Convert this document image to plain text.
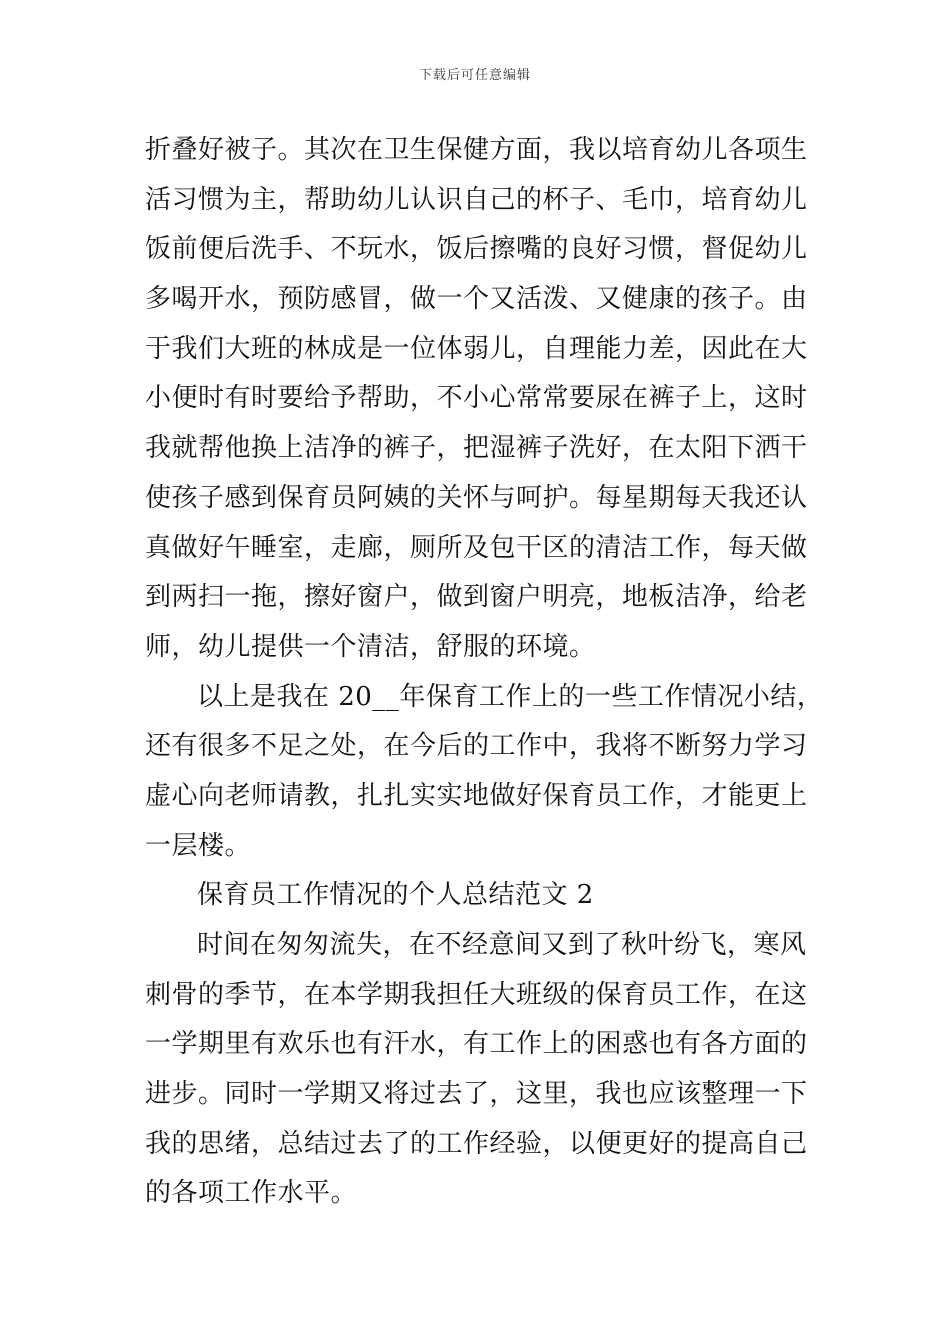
下载后可任意编辑
折叠好被子。其次在卫生保健方面，我以培育幼儿各项生
活习惯为主，帮助幼儿认识自己的杯子、毛巾，培育幼儿
饭前便后洗手、不玩水，饭后擦嘴的良好习惯，督促幼儿
多喝开水，预防感冒，做一个又活泼、又健康的孩子。由
于我们大班的林成是一位体弱儿，自理能力差，因此在大
小便时有时要给予帮助，不小心常常要尿在裤子上，这时
我就帮他换上洁净的裤子，把湿裤子洗好，在太阳下洒干
使孩子感到保育员阿姨的关怀与呵护。每星期每天我还认
真做好午睡室，走廊，厕所及包干区的清洁工作，每天做
到两扫一拖，擦好窗户，做到窗户明亮，地板洁净，给老
师，幼儿提供一个清洁，舒服的环境。
以上是我在 20__年保育工作上的一些工作情况小结，
还有很多不足之处，在今后的工作中，我将不断努力学习
虚心向老师请教，扎扎实实地做好保育员工作，才能更上
一层楼。
保育员工作情况的个人总结范文 2
时间在匆匆流失，在不经意间又到了秋叶纷飞，寒风
刺骨的季节，在本学期我担任大班级的保育员工作，在这
一学期里有欢乐也有汗水，有工作上的困惑也有各方面的
进步。同时一学期又将过去了，这里，我也应该整理一下
我的思绪，总结过去了的工作经验，以便更好的提高自己
的各项工作水平。
